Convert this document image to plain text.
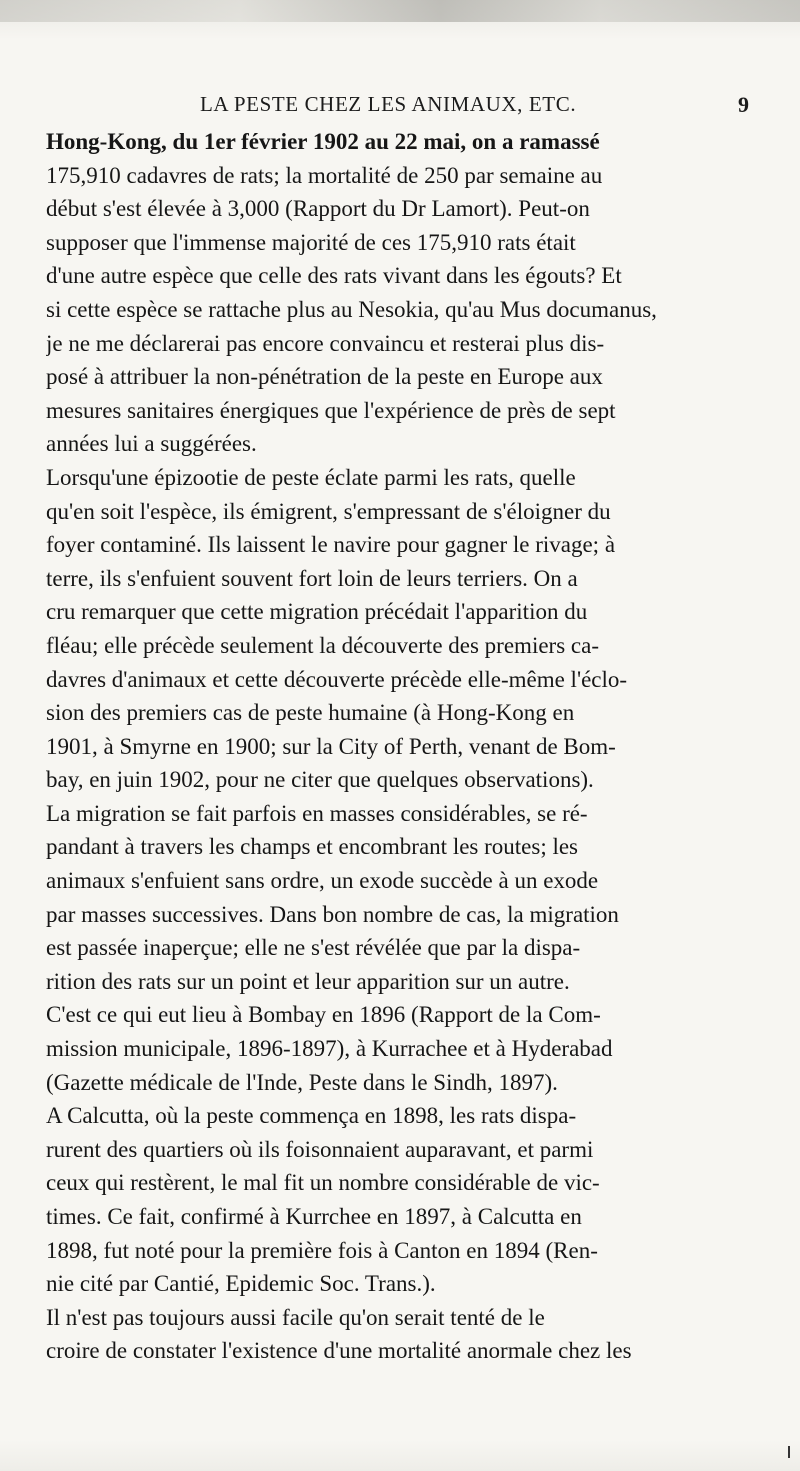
LA PESTE CHEZ LES ANIMAUX, ETC.	9
Hong-Kong, du 1er février 1902 au 22 mai, on a ramassé
175,910 cadavres de rats; la mortalité de 250 par semaine au
début s'est élevée à 3,000 (Rapport du Dr Lamort). Peut-on
supposer que l'immense majorité de ces 175,910 rats était
d'une autre espèce que celle des rats vivant dans les égouts? Et
si cette espèce se rattache plus au Nesokia, qu'au Mus documanus,
je ne me déclarerai pas encore convaincu et resterai plus dis-
posé à attribuer la non-pénétration de la peste en Europe aux
mesures sanitaires énergiques que l'expérience de près de sept
années lui a suggérées.
Lorsqu'une épizootie de peste éclate parmi les rats, quelle
qu'en soit l'espèce, ils émigrent, s'empressant de s'éloigner du
foyer contaminé. Ils laissent le navire pour gagner le rivage; à
terre, ils s'enfuient souvent fort loin de leurs terriers. On a
cru remarquer que cette migration précédait l'apparition du
fléau; elle précède seulement la découverte des premiers ca-
davres d'animaux et cette découverte précède elle-même l'éclo-
sion des premiers cas de peste humaine (à Hong-Kong en
1901, à Smyrne en 1900; sur la City of Perth, venant de Bom-
bay, en juin 1902, pour ne citer que quelques observations).
La migration se fait parfois en masses considérables, se ré-
pandant à travers les champs et encombrant les routes; les
animaux s'enfuient sans ordre, un exode succède à un exode
par masses successives. Dans bon nombre de cas, la migration
est passée inaperçue; elle ne s'est révélée que par la dispa-
rition des rats sur un point et leur apparition sur un autre.
C'est ce qui eut lieu à Bombay en 1896 (Rapport de la Com-
mission municipale, 1896-1897), à Kurrachee et à Hyderabad
(Gazette médicale de l'Inde, Peste dans le Sindh, 1897).
A Calcutta, où la peste commença en 1898, les rats dispa-
rurent des quartiers où ils foisonnaient auparavant, et parmi
ceux qui restèrent, le mal fit un nombre considérable de vic-
times. Ce fait, confirmé à Kurrchee en 1897, à Calcutta en
1898, fut noté pour la première fois à Canton en 1894 (Ren-
nie cité par Cantié, Epidemic Soc. Trans.).
Il n'est pas toujours aussi facile qu'on serait tenté de le
croire de constater l'existence d'une mortalité anormale chez les
